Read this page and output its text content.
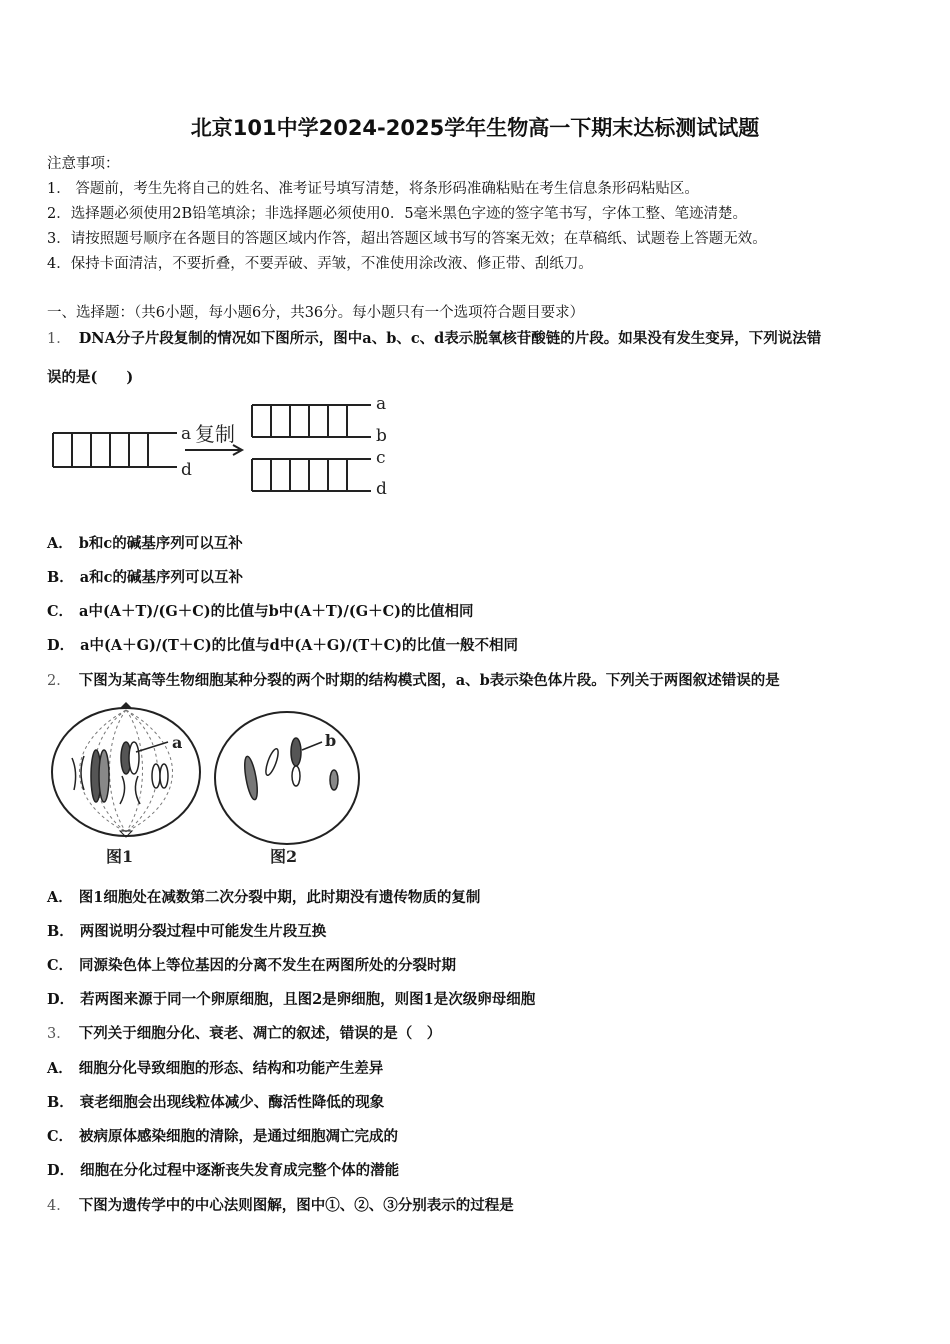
北京101中学2024-2025学年生物高一下期末达标测试试题
注意事项：
1． 答题前，考生先将自己的姓名、准考证号填写清楚，将条形码准确粘贴在考生信息条形码粘贴区。
2．选择题必须使用2B铅笔填涂；非选择题必须使用0．5毫米黑色字迹的签字笔书写，字体工整、笔迹清楚。
3．请按照题号顺序在各题目的答题区域内作答，超出答题区域书写的答案无效；在草稿纸、试题卷上答题无效。
4．保持卡面清洁，不要折叠，不要弄破、弄皱，不准使用涂改液、修正带、刮纸刀。
一、选择题：（共6小题，每小题6分，共36分。每小题只有一个选项符合题目要求）
1． DNA分子片段复制的情况如下图所示，图中a、b、c、d表示脱氧核苷酸链的片段。如果没有发生变异，下列说法错
误的是(　　)
a
d
复制
a
b
c
d
A． b和c的碱基序列可以互补
B． a和c的碱基序列可以互补
C． a中(A＋T)/(G＋C)的比值与b中(A＋T)/(G＋C)的比值相同
D． a中(A＋G)/(T＋C)的比值与d中(A＋G)/(T＋C)的比值一般不相同
2． 下图为某高等生物细胞某种分裂的两个时期的结构模式图，a、b表示染色体片段。下列关于两图叙述错误的是
a	b
图1	图2
A． 图1细胞处在减数第二次分裂中期，此时期没有遗传物质的复制
B． 两图说明分裂过程中可能发生片段互换
C． 同源染色体上等位基因的分离不发生在两图所处的分裂时期
D． 若两图来源于同一个卵原细胞，且图2是卵细胞，则图1是次级卵母细胞
3． 下列关于细胞分化、衰老、凋亡的叙述，错误的是（　）
A． 细胞分化导致细胞的形态、结构和功能产生差异
B． 衰老细胞会出现线粒体减少、酶活性降低的现象
C． 被病原体感染细胞的清除，是通过细胞凋亡完成的
D． 细胞在分化过程中逐渐丧失发育成完整个体的潜能
4． 下图为遗传学中的中心法则图解，图中①、②、③分别表示的过程是
